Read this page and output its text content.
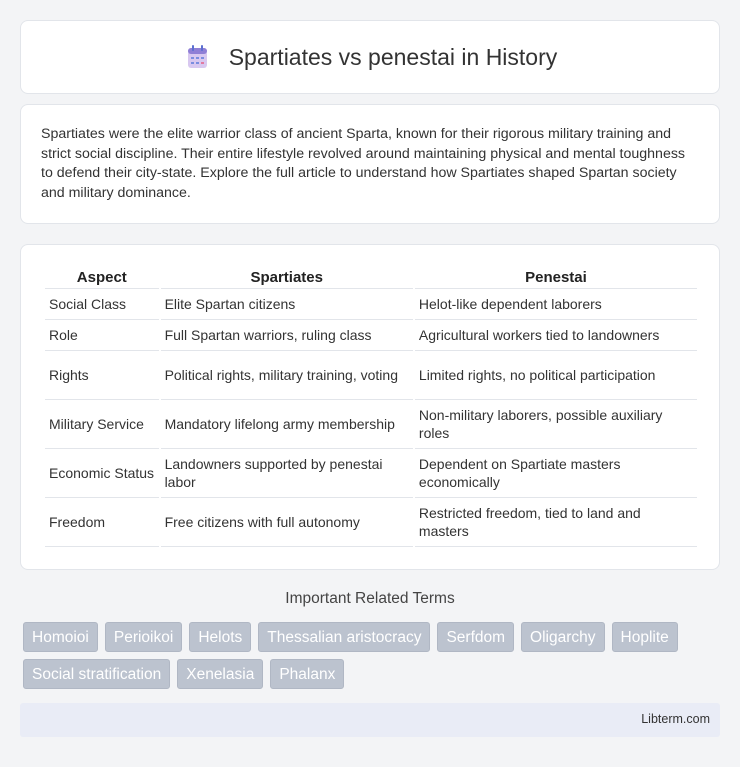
Spartiates vs penestai in History

Spartiates were the elite warrior class of ancient Sparta, known for their rigorous military training and strict social discipline. Their entire lifestyle revolved around maintaining physical and mental toughness to defend their city-state. Explore the full article to understand how Spartiates shaped Spartan society and military dominance.

Aspect	Spartiates	Penestai
Social Class	Elite Spartan citizens	Helot-like dependent laborers
Role	Full Spartan warriors, ruling class	Agricultural workers tied to landowners
Rights	Political rights, military training, voting	Limited rights, no political participation
Military Service	Mandatory lifelong army membership	Non-military laborers, possible auxiliary roles
Economic Status	Landowners supported by penestai labor	Dependent on Spartiate masters economically
Freedom	Free citizens with full autonomy	Restricted freedom, tied to land and masters
Important Related Terms
Homoioi	Perioikoi	Helots	Thessalian aristocracy	Serfdom	Oligarchy	Hoplite
Social stratification	Xenelasia	Phalanx
Libterm.com
